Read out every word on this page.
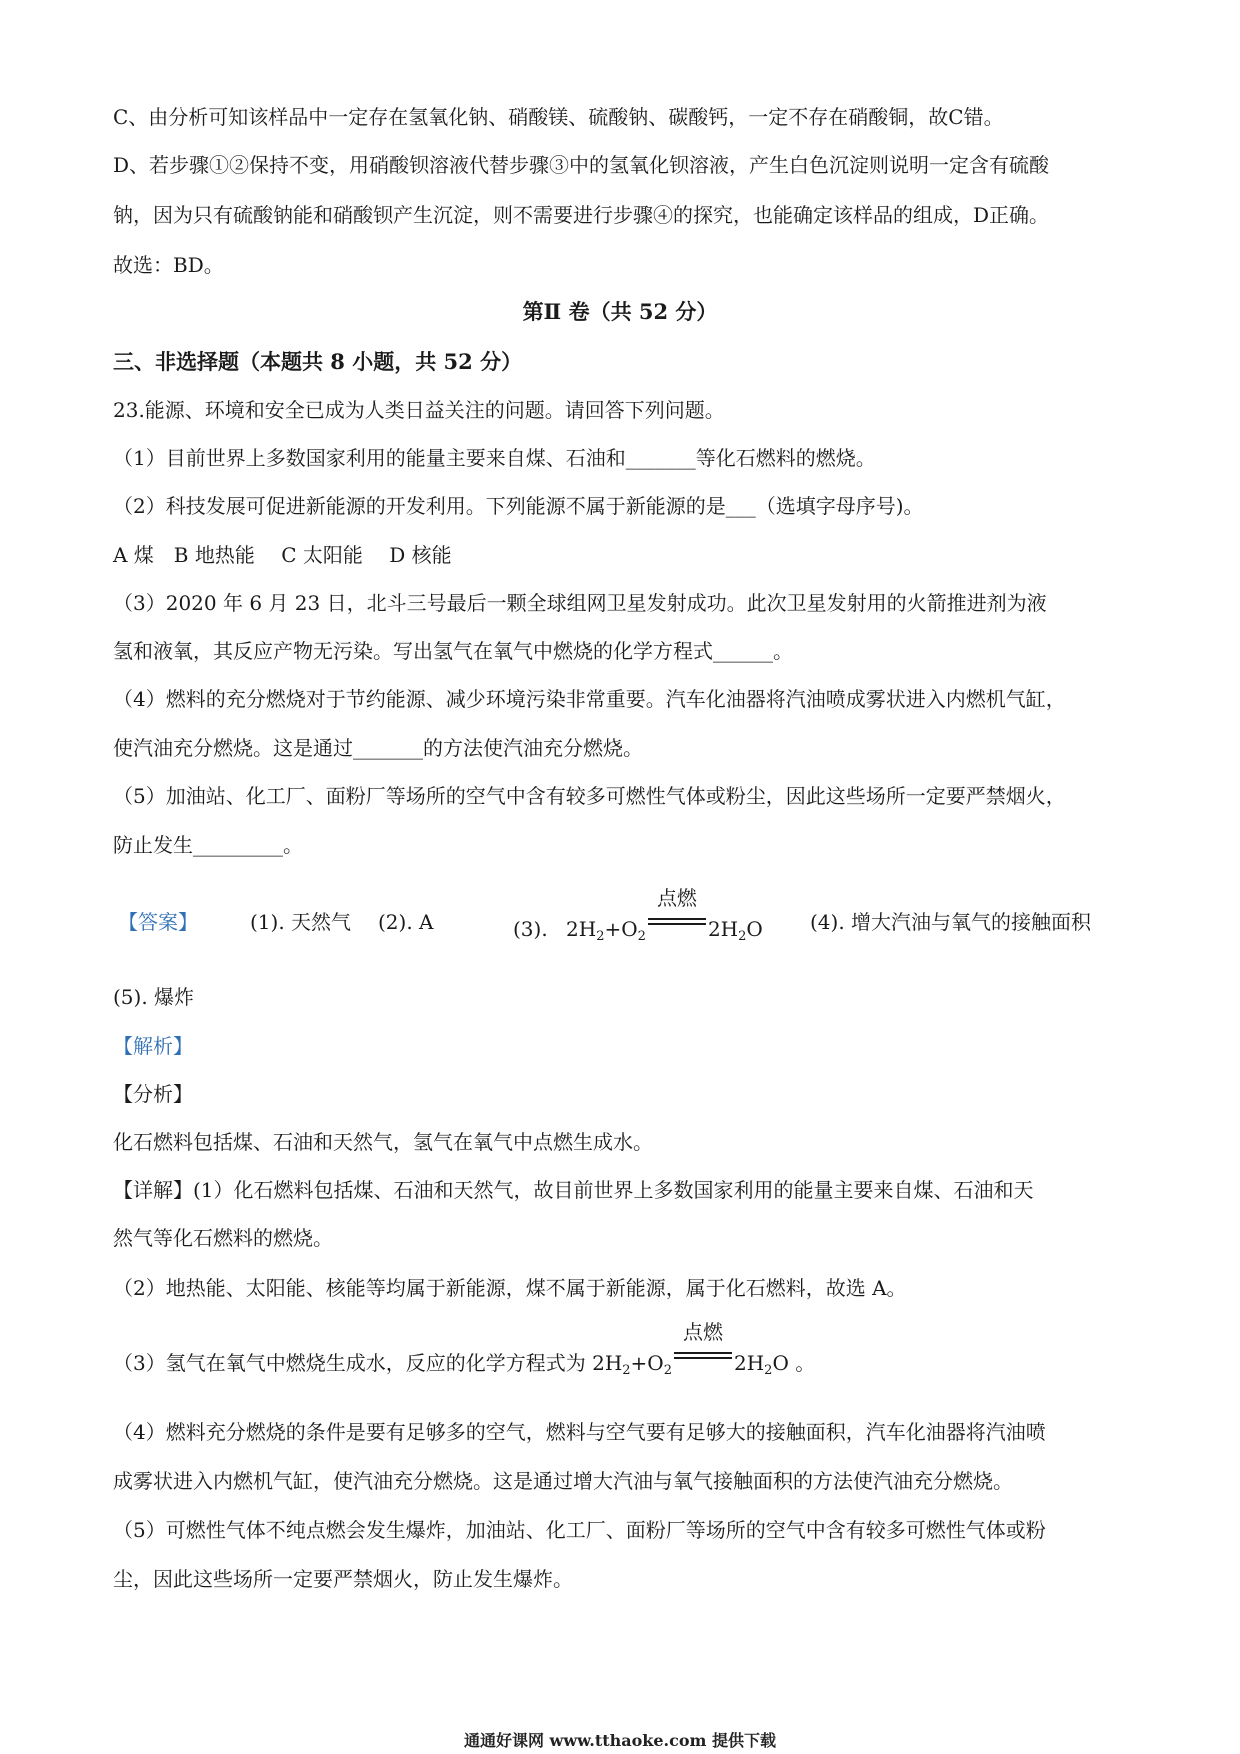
C、由分析可知该样品中一定存在氢氧化钠、硝酸镁、硫酸钠、碳酸钙，一定不存在硝酸铜，故C错。
D、若步骤①②保持不变，用硝酸钡溶液代替步骤③中的氢氧化钡溶液，产生白色沉淀则说明一定含有硫酸
钠，因为只有硫酸钠能和硝酸钡产生沉淀，则不需要进行步骤④的探究，也能确定该样品的组成，D正确。
故选：BD。
第Ⅱ 卷（共 52 分）
三、非选择题（本题共 8 小题，共 52 分）
23.能源、环境和安全已成为人类日益关注的问题。请回答下列问题。
（1）目前世界上多数国家利用的能量主要来自煤、石油和_______等化石燃料的燃烧。
（2）科技发展可促进新能源的开发利用。下列能源不属于新能源的是___（选填字母序号)。
A 煤　B 地热能　 C 太阳能　 D 核能
（3）2020 年 6 月 23 日，北斗三号最后一颗全球组网卫星发射成功。此次卫星发射用的火箭推进剂为液
氢和液氧，其反应产物无污染。写出氢气在氧气中燃烧的化学方程式______。
（4）燃料的充分燃烧对于节约能源、减少环境污染非常重要。汽车化油器将汽油喷成雾状进入内燃机气缸，
使汽油充分燃烧。这是通过_______的方法使汽油充分燃烧。
（5）加油站、化工厂、面粉厂等场所的空气中含有较多可燃性气体或粉尘，因此这些场所一定要严禁烟火，
防止发生_________。
【答案】	(1). 天然气 (2). A	(3). $2H_2+O_2$
点燃
$2H_2O$ (4). 增大汽油与氧气的接触面积
(5). 爆炸
【解析】
【分析】
化石燃料包括煤、石油和天然气，氢气在氧气中点燃生成水。
【详解】(1）化石燃料包括煤、石油和天然气，故目前世界上多数国家利用的能量主要来自煤、石油和天
然气等化石燃料的燃烧。
（2）地热能、太阳能、核能等均属于新能源，煤不属于新能源，属于化石燃料，故选 A。
（3）氢气在氧气中燃烧生成水，反应的化学方程式为 $2H_2+O_2$
点燃
$2H_2O$ 。
（4）燃料充分燃烧的条件是要有足够多的空气，燃料与空气要有足够大的接触面积，汽车化油器将汽油喷
成雾状进入内燃机气缸，使汽油充分燃烧。这是通过增大汽油与氧气接触面积的方法使汽油充分燃烧。
（5）可燃性气体不纯点燃会发生爆炸，加油站、化工厂、面粉厂等场所的空气中含有较多可燃性气体或粉
尘，因此这些场所一定要严禁烟火，防止发生爆炸。
通通好课网 www.tthaoke.com 提供下载
